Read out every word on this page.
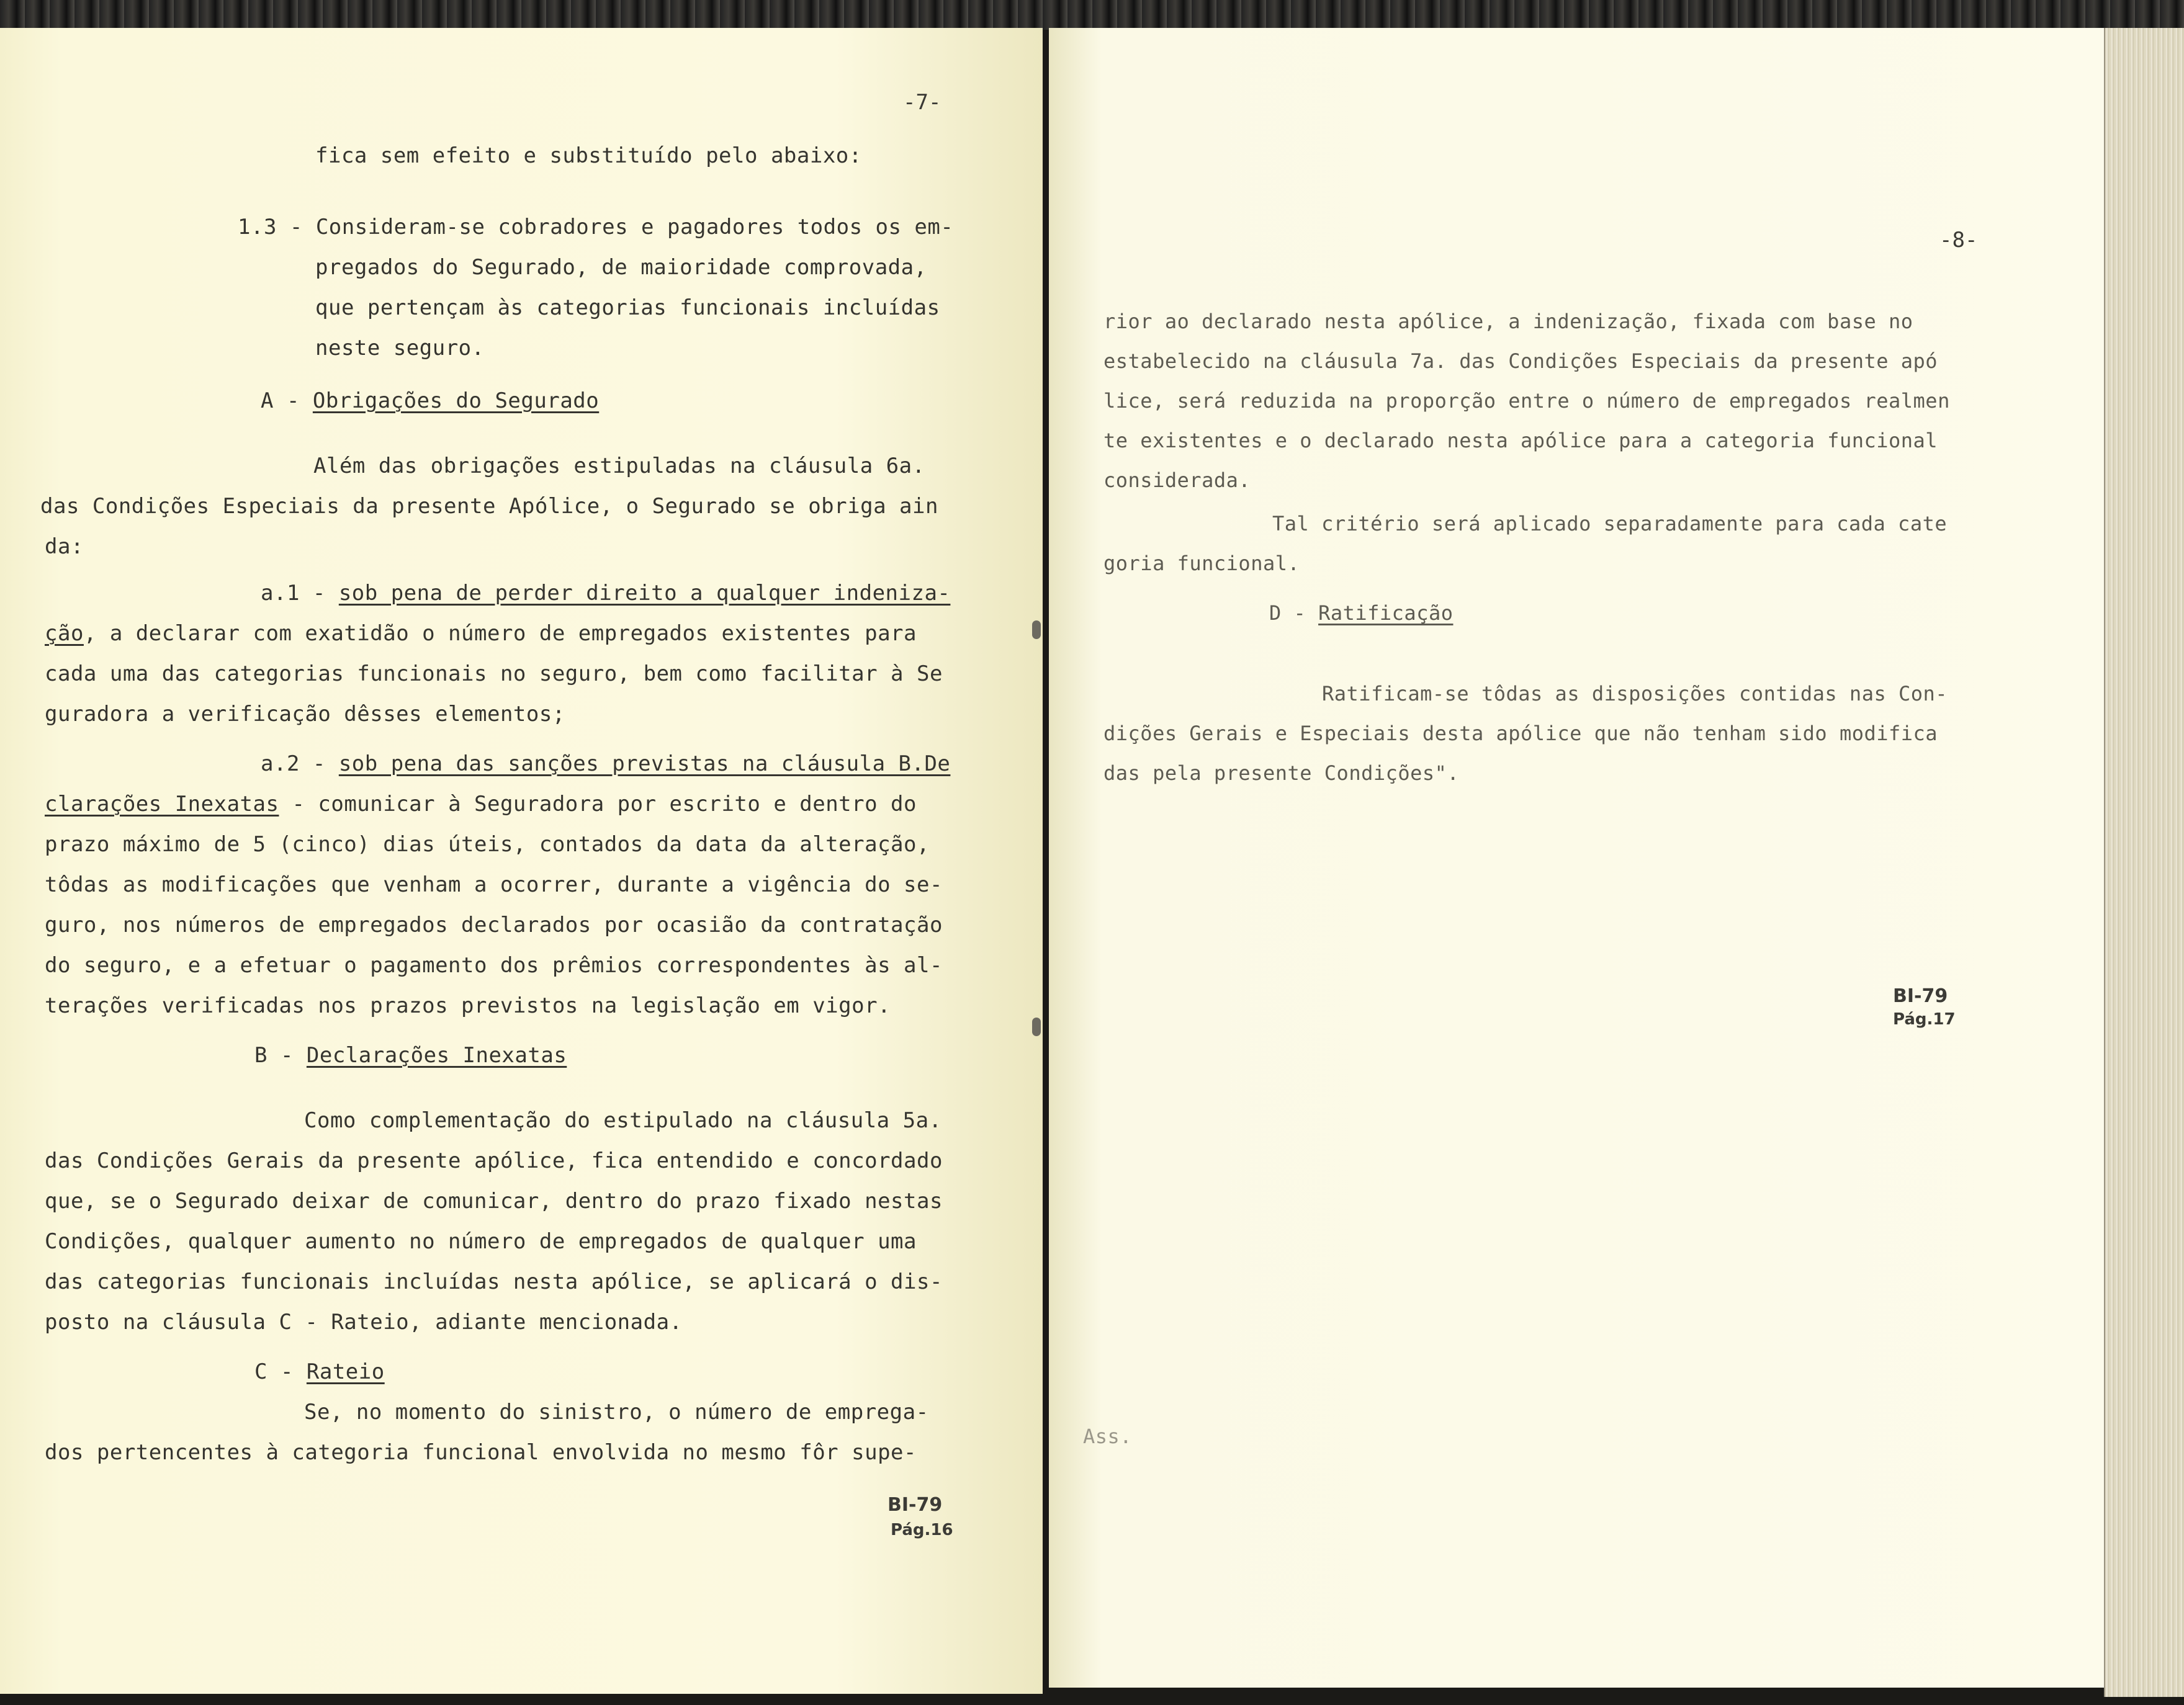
-7-
fica sem efeito e substituído pelo abaixo:
1.3 - Consideram-se cobradores e pagadores todos os em-
pregados do Segurado, de maioridade comprovada,
que pertençam às categorias funcionais incluídas
neste seguro.
A - Obrigações do Segurado
Além das obrigações estipuladas na cláusula 6a.
das Condições Especiais da presente Apólice, o Segurado se obriga ain
da:
a.1 - sob pena de perder direito a qualquer indeniza-
ção, a declarar com exatidão o número de empregados existentes para
cada uma das categorias funcionais no seguro, bem como facilitar à Se
guradora a verificação dêsses elementos;
a.2 - sob pena das sanções previstas na cláusula B.De
clarações Inexatas - comunicar à Seguradora por escrito e dentro do
prazo máximo de 5 (cinco) dias úteis, contados da data da alteração,
tôdas as modificações que venham a ocorrer, durante a vigência do se-
guro, nos números de empregados declarados por ocasião da contratação
do seguro, e a efetuar o pagamento dos prêmios correspondentes às al-
terações verificadas nos prazos previstos na legislação em vigor.
B - Declarações Inexatas
Como complementação do estipulado na cláusula 5a.
das Condições Gerais da presente apólice, fica entendido e concordado
que, se o Segurado deixar de comunicar, dentro do prazo fixado nestas
Condições, qualquer aumento no número de empregados de qualquer uma
das categorias funcionais incluídas nesta apólice, se aplicará o dis-
posto na cláusula C - Rateio, adiante mencionada.
C - Rateio
Se, no momento do sinistro, o número de emprega-
dos pertencentes à categoria funcional envolvida no mesmo fôr supe-
BI-79
Pág.16
-8-
rior ao declarado nesta apólice, a indenização, fixada com base no
estabelecido na cláusula 7a. das Condições Especiais da presente apó
lice, será reduzida na proporção entre o número de empregados realmen
te existentes e o declarado nesta apólice para a categoria funcional
considerada.
Tal critério será aplicado separadamente para cada cate
goria funcional.
D - Ratificação
Ratificam-se tôdas as disposições contidas nas Con-
dições Gerais e Especiais desta apólice que não tenham sido modifica
das pela presente Condições".
BI-79
Pág.17
Ass.
